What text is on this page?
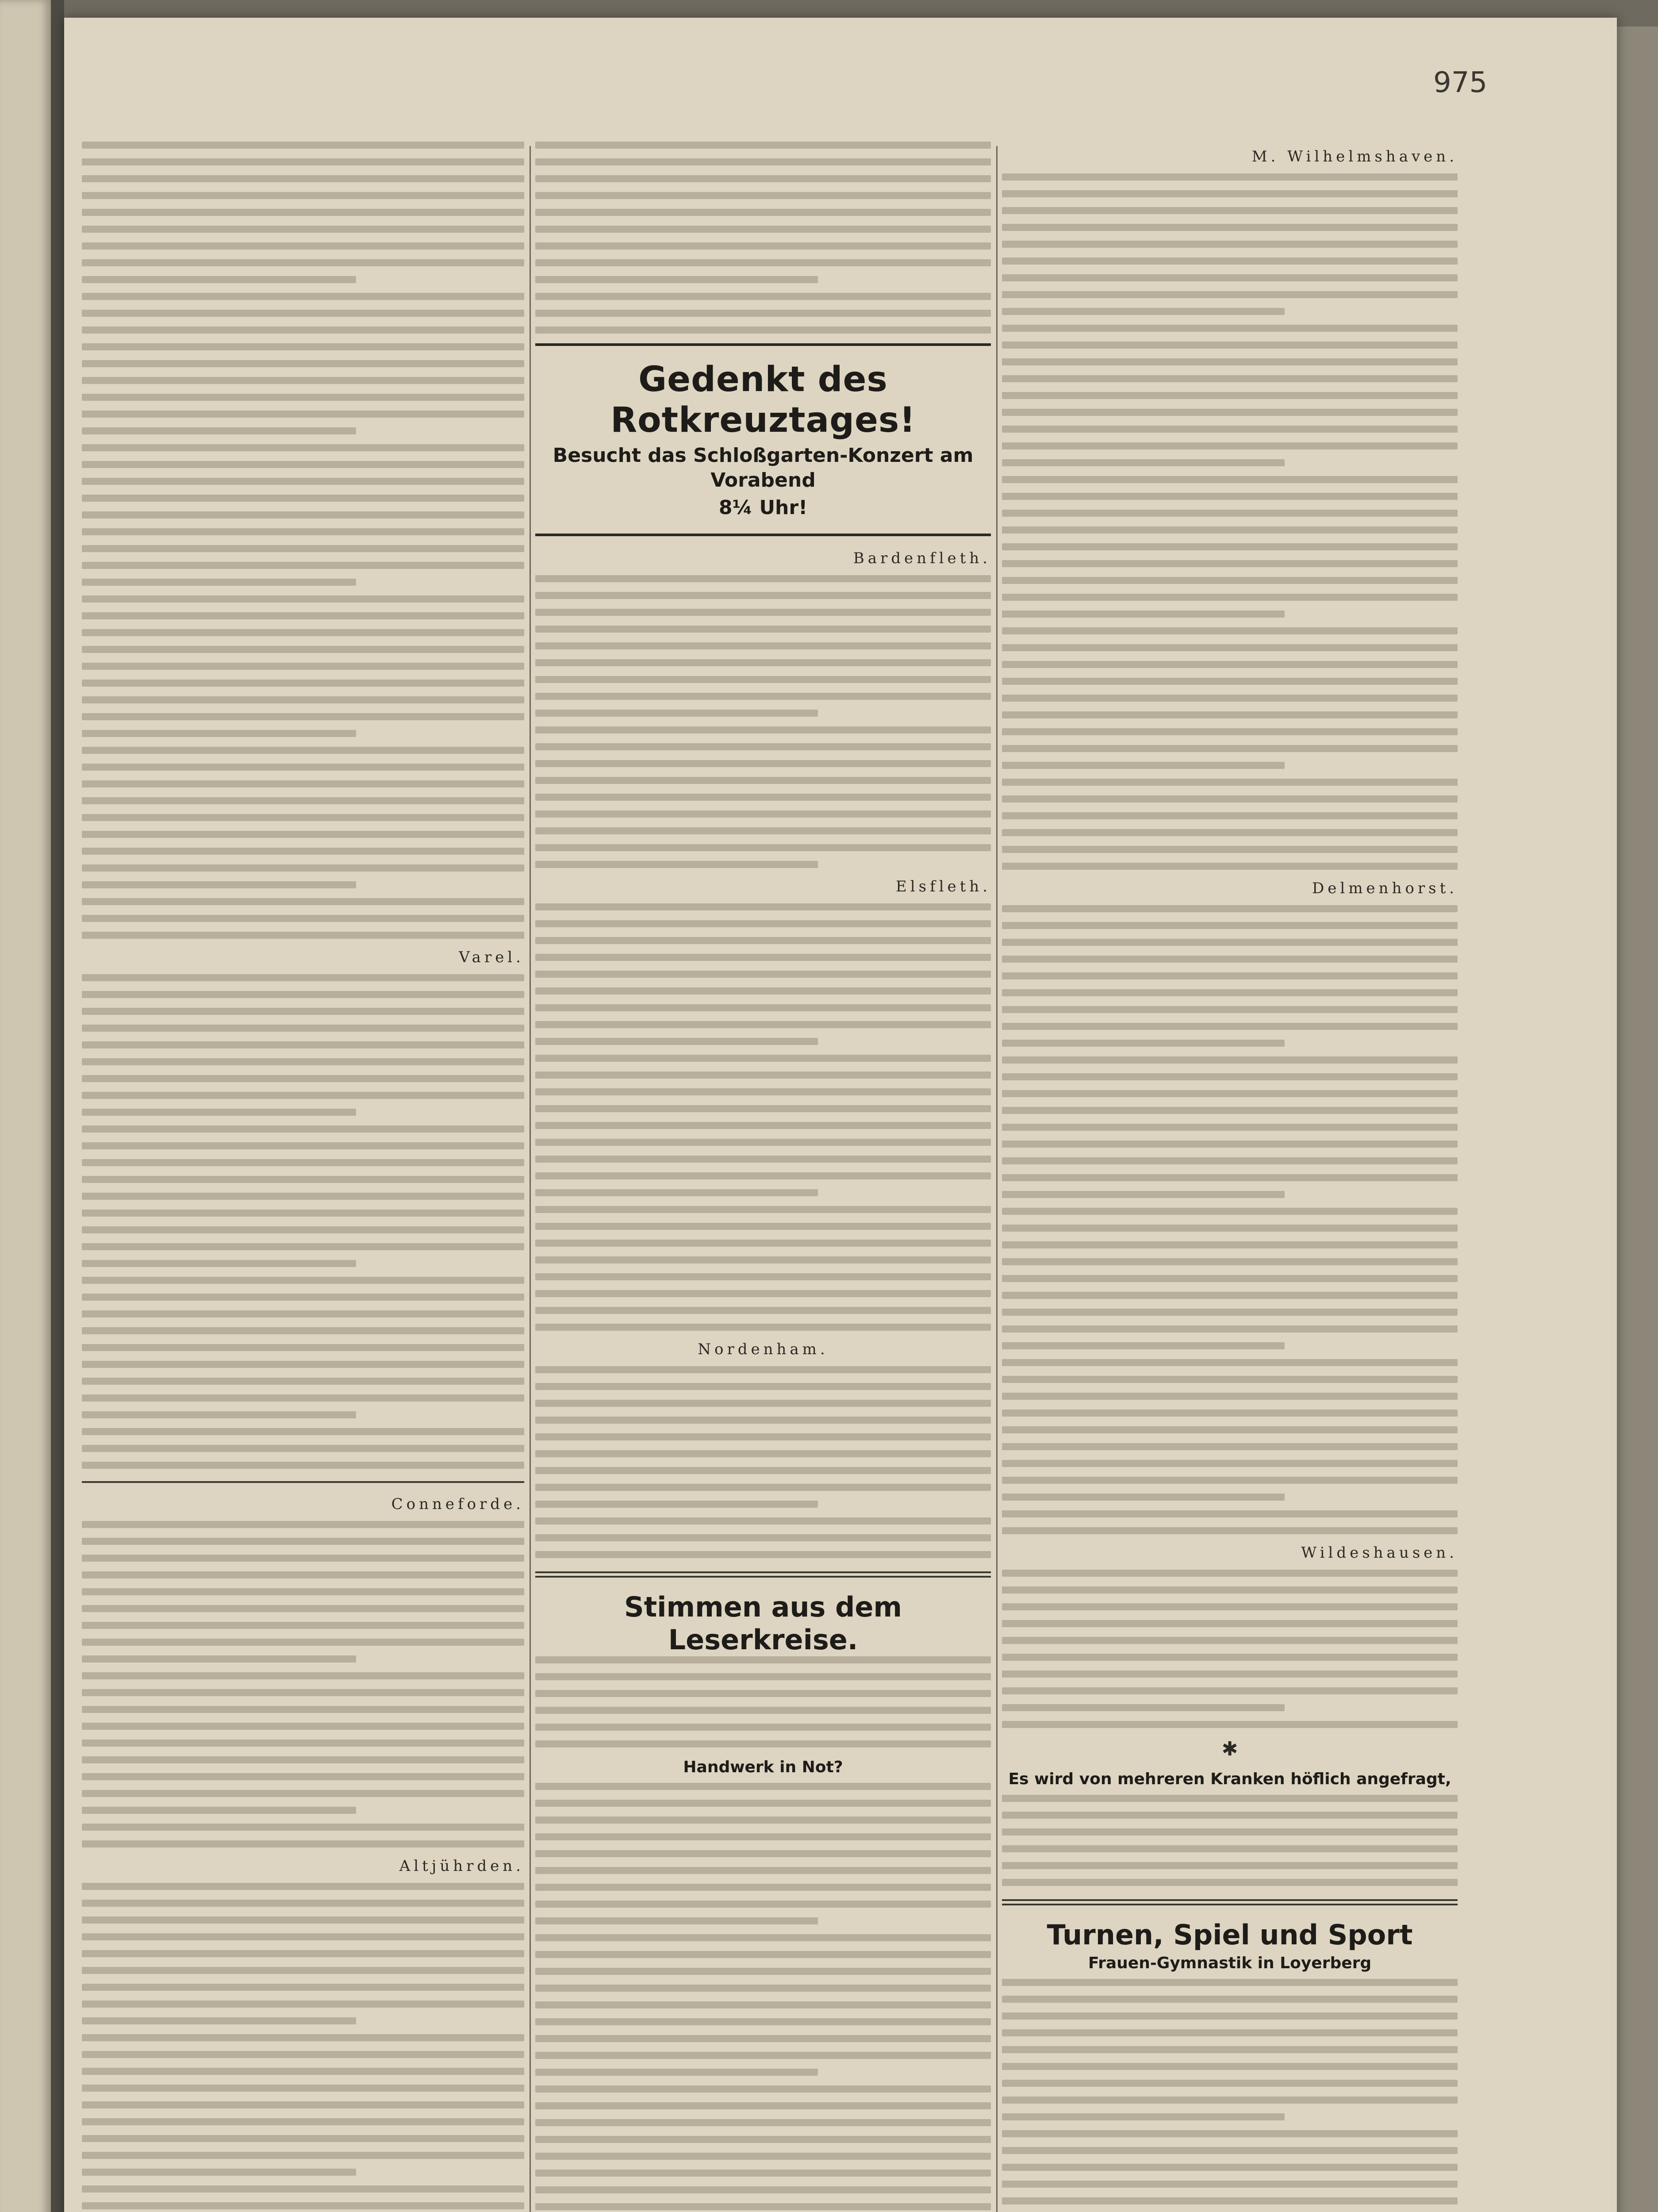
975
Varel.
Conneforde.
Altjührden.
Gedenkt des Rotkreuztages!
Besucht das Schloßgarten-Konzert am Vorabend
8¼ Uhr!
Bardenfleth.
Elsfleth.
Nordenham.
Stimmen aus dem Leserkreise.
Handwerk in Not?
M. Wilhelmshaven.
Delmenhorst.
Wildeshausen.
✱
Es wird von mehreren Kranken höflich angefragt,
Turnen, Spiel und Sport
Frauen-Gymnastik in Loyerberg
